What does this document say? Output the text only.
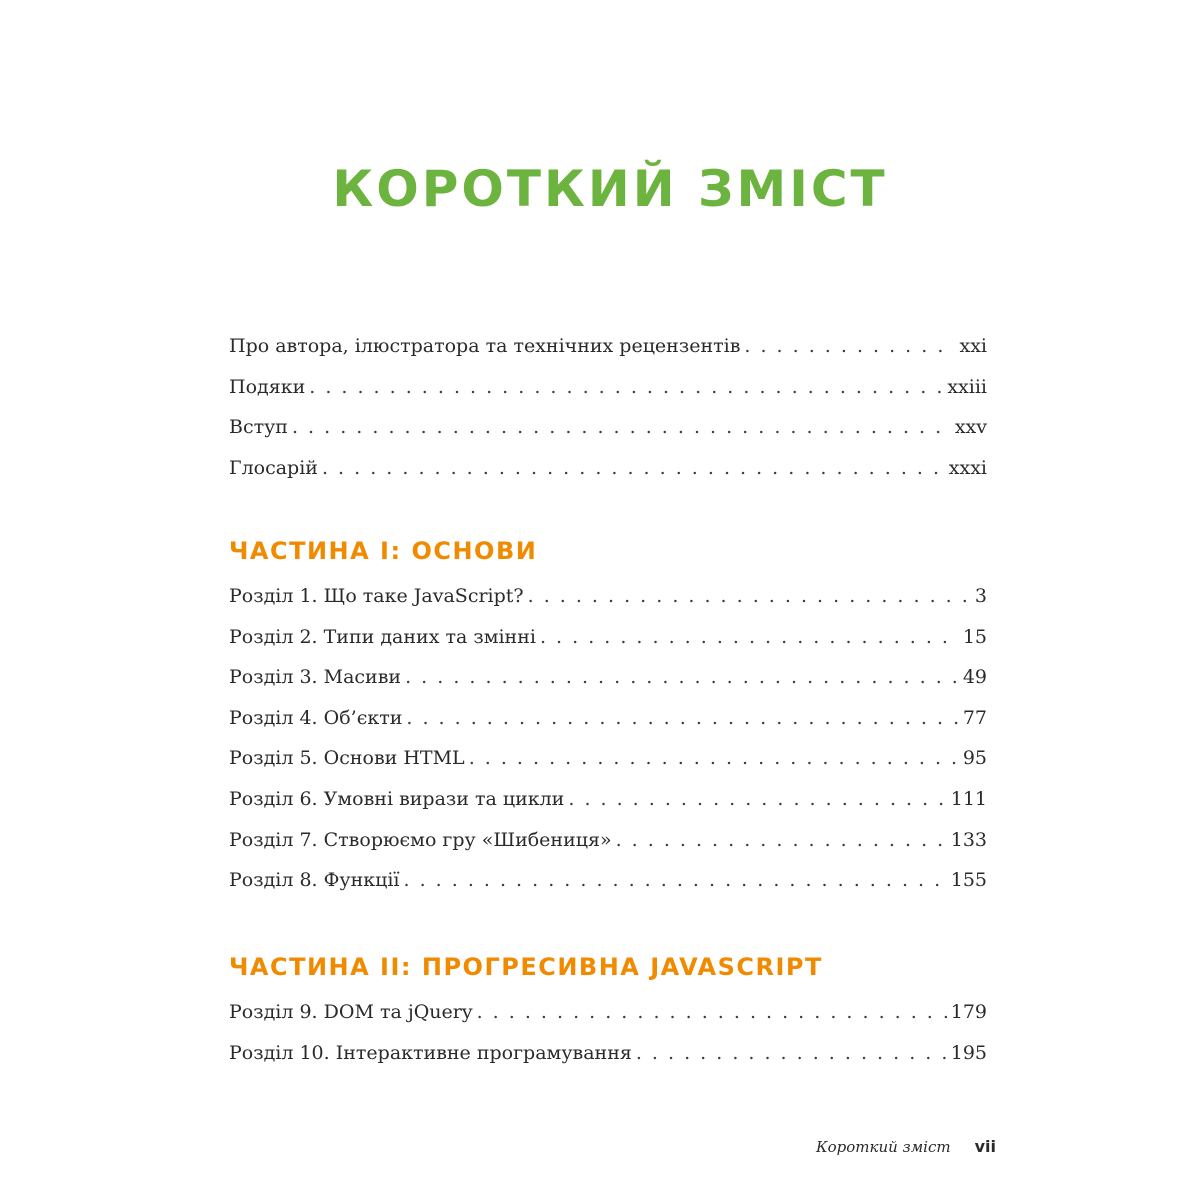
КОРОТКИЙ ЗМІСТ
Про автора, ілюстратора та технічних рецензентів . . .	xxi
Подяки . . .	xxiii
Вступ . . .	xxv
Глосарій . . .	xxxi
ЧАСТИНА I: ОСНОВИ
Розділ 1. Що таке JavaScript? . . .	3
Розділ 2. Типи даних та змінні . . .	15
Розділ 3. Масиви . . .	49
Розділ 4. Об’єкти . . .	77
Розділ 5. Основи HTML . . .	95
Розділ 6. Умовні вирази та цикли . . .	111
Розділ 7. Створюємо гру «Шибениця» . . .	133
Розділ 8. Функції . . .	155
ЧАСТИНА II: ПРОГРЕСИВНА JAVASCRIPT
Розділ 9. DOM та jQuery . . .	179
Розділ 10. Інтерактивне програмування . . .	195
Короткий зміст vii
